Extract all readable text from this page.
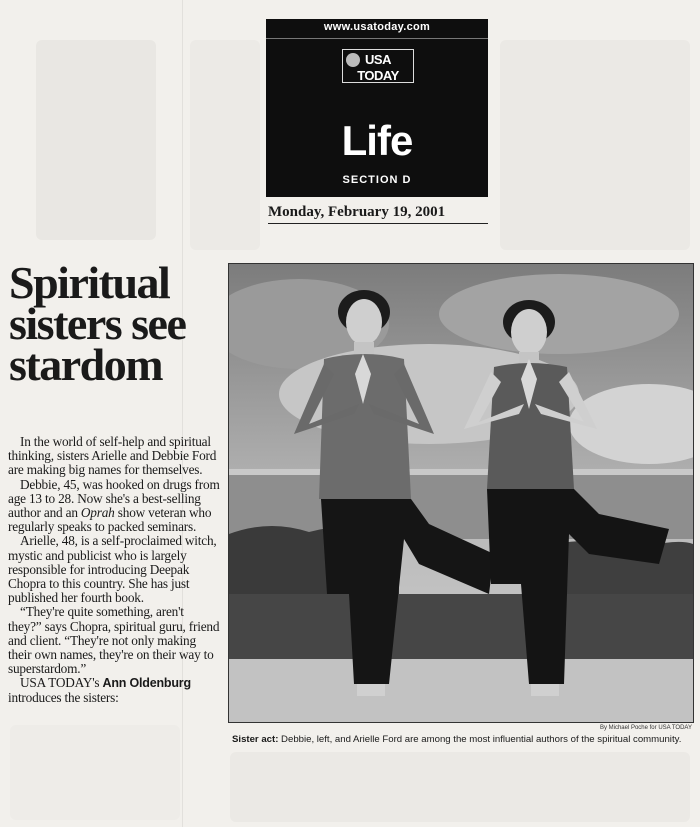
www.usatoday.com
USA
TODAY
Life
SECTION D
Monday, February 19, 2001
Spiritual sisters see stardom

In the world of self-help and spiritual thinking, sisters Arielle and Debbie Ford are making big names for themselves.

Debbie, 45, was hooked on drugs from age 13 to 28. Now she's a best-selling author and an Oprah show veteran who regularly speaks to packed seminars.

Arielle, 48, is a self-proclaimed witch, mystic and publicist who is largely responsible for introducing Deepak Chopra to this country. She has just published her fourth book.

“They're quite something, aren't they?” says Chopra, spiritual guru, friend and client. “They're not only making their own names, they're on their way to superstardom.”

USA TODAY's Ann Oldenburg introduces the sisters:

By Michael Poche for USA TODAY
Sister act: Debbie, left, and Arielle Ford are among the most influential authors of the spiritual community.
